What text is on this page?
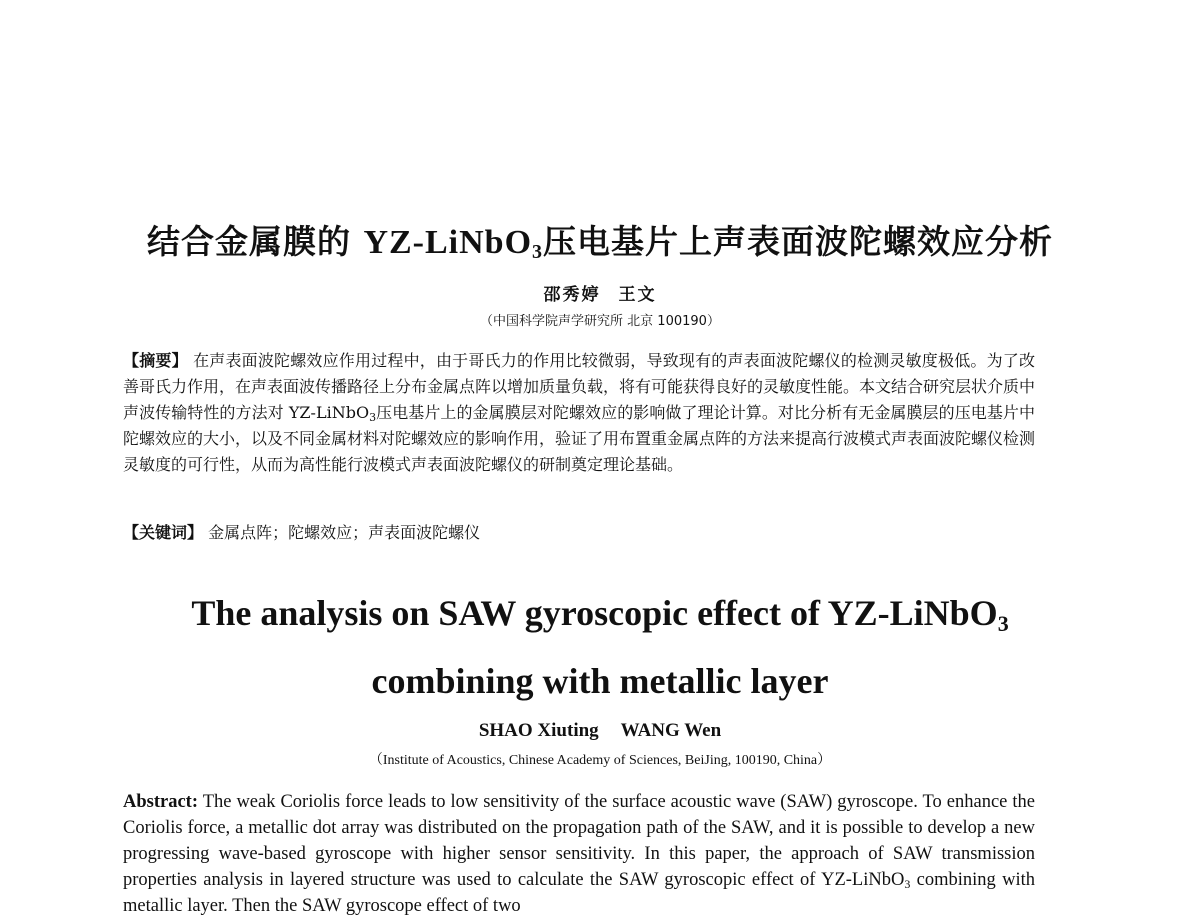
结合金属膜的 YZ-LiNbO$_3$压电基片上声表面波陀螺效应分析
邵秀婷 王文
（中国科学院声学研究所 北京 100190）
【摘要】 在声表面波陀螺效应作用过程中，由于哥氏力的作用比较微弱，导致现有的声表面波陀螺仪的检测灵敏度极低。为了改善哥氏力作用，在声表面波传播路径上分布金属点阵以增加质量负载，将有可能获得良好的灵敏度性能。本文结合研究层状介质中声波传输特性的方法对 YZ-LiNbO$_3$压电基片上的金属膜层对陀螺效应的影响做了理论计算。对比分析有无金属膜层的压电基片中陀螺效应的大小，以及不同金属材料对陀螺效应的影响作用，验证了用布置重金属点阵的方法来提高行波模式声表面波陀螺仪检测灵敏度的可行性，从而为高性能行波模式声表面波陀螺仪的研制奠定理论基础。
【关键词】 金属点阵；陀螺效应；声表面波陀螺仪
The analysis on SAW gyroscopic effect of YZ-LiNbO$_3$
combining with metallic layer
SHAO Xiuting WANG Wen
（Institute of Acoustics, Chinese Academy of Sciences, BeiJing, 100190, China）
Abstract: The weak Coriolis force leads to low sensitivity of the surface acoustic wave (SAW) gyroscope. To enhance the Coriolis force, a metallic dot array was distributed on the propagation path of the SAW, and it is possible to develop a new progressing wave-based gyroscope with higher sensor sensitivity. In this paper, the approach of SAW transmission properties analysis in layered structure was used to calculate the SAW gyroscopic effect of YZ-LiNbO$_3$ combining with metallic layer. Then the SAW gyroscope effect of two
